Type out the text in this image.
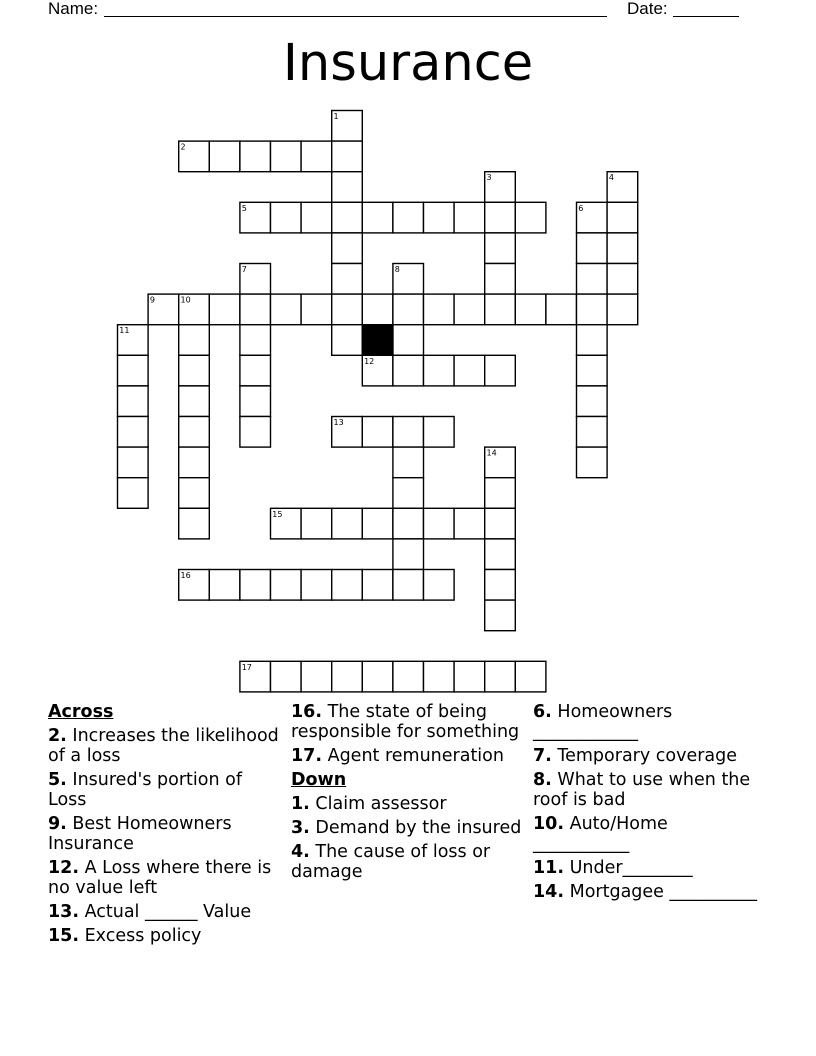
Name:	Date:
Insurance
1
2
3	4
5	6
7	8
9	10
11
12
13
14
15
16
17
Across
2. Increases the likelihood of a loss
5. Insured's portion of Loss
9. Best Homeowners Insurance
12. A Loss where there is no value left
13. Actual ______ Value
15. Excess policy
16. The state of being responsible for something
17. Agent remuneration
Down
1. Claim assessor
3. Demand by the insured
4. The cause of loss or damage
6. Homeowners ____________
7. Temporary coverage
8. What to use when the roof is bad
10. Auto/Home ___________
11. Under________
14. Mortgagee __________
